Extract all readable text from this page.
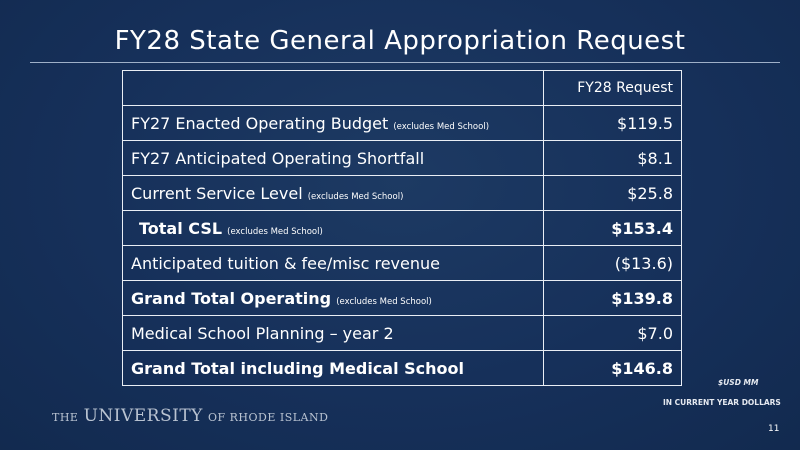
FY28 State General Appropriation Request
	FY28 Request
FY27 Enacted Operating Budget (excludes Med School)	$119.5
FY27 Anticipated Operating Shortfall	$8.1
Current Service Level (excludes Med School)	$25.8
Total CSL (excludes Med School)	$153.4
Anticipated tuition & fee/misc revenue	($13.6)
Grand Total Operating (excludes Med School)	$139.8
Medical School Planning – year 2	$7.0
Grand Total including Medical School	$146.8
$USD MM
IN CURRENT YEAR DOLLARS
THE UNIVERSITY OF RHODE ISLAND
11
